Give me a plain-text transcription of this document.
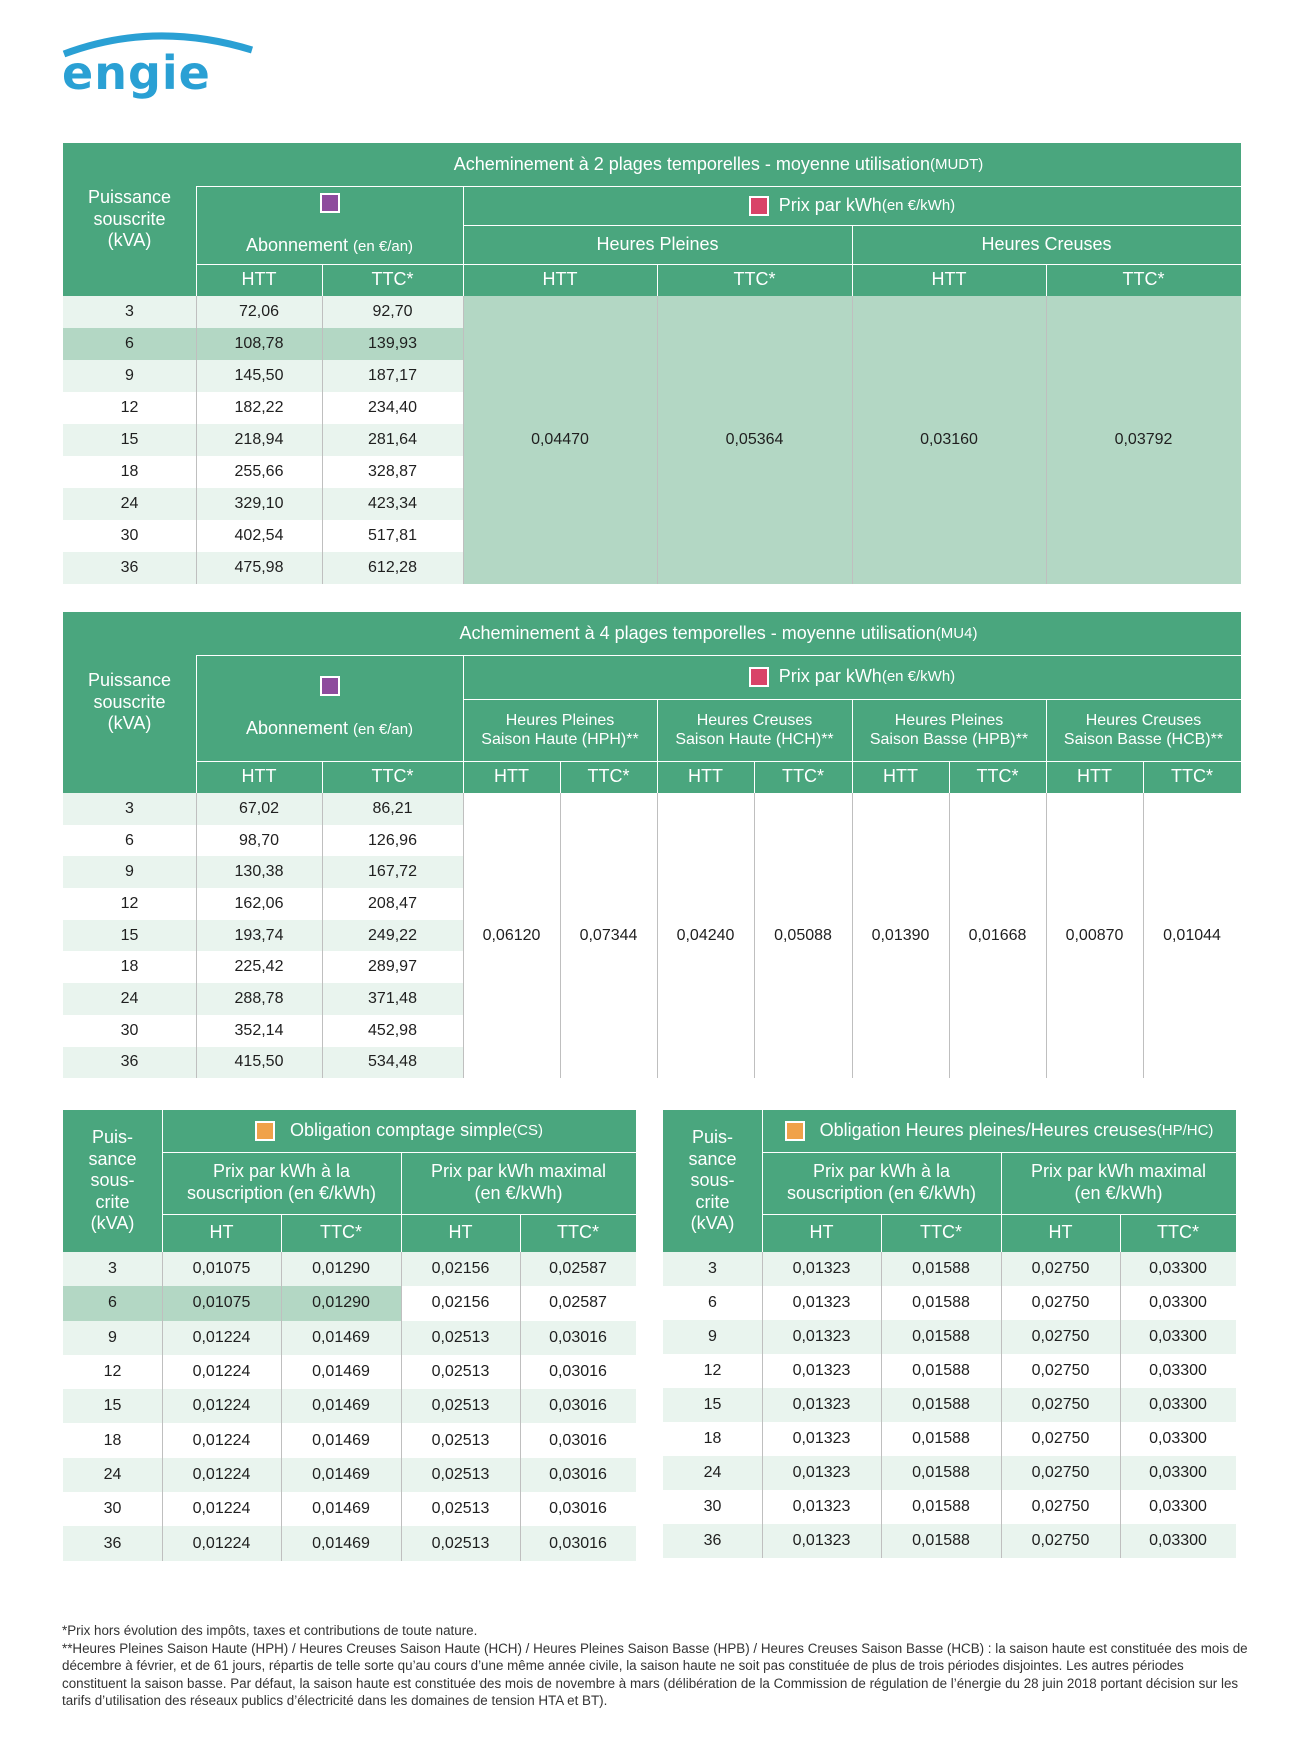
engie
Puissance
souscrite
(kVA)
Acheminement à 2 plages temporelles - moyenne utilisation (MUDT)

Abonnement (en €/an)
Prix par kWh (en €/kWh)
Heures Pleines	Heures Creuses
HTT	TTC*	HTT	TTC*	HTT	TTC*
3	72,06	92,70
6	108,78	139,93
9	145,50	187,17
12	182,22	234,40
15	218,94	281,64
18	255,66	328,87
24	329,10	423,34
30	402,54	517,81
36	475,98	612,28
0,04470	0,05364	0,03160	0,03792
Puissance
souscrite
(kVA)
Acheminement à 4 plages temporelles - moyenne utilisation (MU4)

Abonnement (en €/an)
Prix par kWh (en €/kWh)
Heures Pleines
Saison Haute (HPH)**
Heures Creuses
Saison Haute (HCH)**
Heures Pleines
Saison Basse (HPB)**
Heures Creuses
Saison Basse (HCB)**
HTT	TTC*	HTT	TTC*	HTT	TTC*	HTT	TTC*	HTT	TTC*
3	67,02	86,21
6	98,70	126,96
9	130,38	167,72
12	162,06	208,47
15	193,74	249,22
18	225,42	289,97
24	288,78	371,48
30	352,14	452,98
36	415,50	534,48
0,06120	0,07344	0,04240	0,05088	0,01390	0,01668	0,00870	0,01044
Puis-
sance
sous-
crite
(kVA)
Obligation comptage simple (CS)
Prix par kWh à la
souscription (en €/kWh)
Prix par kWh maximal
(en €/kWh)
HT	TTC*	HT	TTC*
3	0,01075	0,01290	0,02156	0,02587
6	0,01075	0,01290	0,02156	0,02587
9	0,01224	0,01469	0,02513	0,03016
12	0,01224	0,01469	0,02513	0,03016
15	0,01224	0,01469	0,02513	0,03016
18	0,01224	0,01469	0,02513	0,03016
24	0,01224	0,01469	0,02513	0,03016
30	0,01224	0,01469	0,02513	0,03016
36	0,01224	0,01469	0,02513	0,03016
Puis-
sance
sous-
crite
(kVA)
Obligation Heures pleines/Heures creuses (HP/HC)
Prix par kWh à la
souscription (en €/kWh)
Prix par kWh maximal
(en €/kWh)
HT	TTC*	HT	TTC*
3	0,01323	0,01588	0,02750	0,03300
6	0,01323	0,01588	0,02750	0,03300
9	0,01323	0,01588	0,02750	0,03300
12	0,01323	0,01588	0,02750	0,03300
15	0,01323	0,01588	0,02750	0,03300
18	0,01323	0,01588	0,02750	0,03300
24	0,01323	0,01588	0,02750	0,03300
30	0,01323	0,01588	0,02750	0,03300
36	0,01323	0,01588	0,02750	0,03300

*Prix hors évolution des impôts, taxes et contributions de toute nature.

**Heures Pleines Saison Haute (HPH) / Heures Creuses Saison Haute (HCH) / Heures Pleines Saison Basse (HPB) / Heures Creuses Saison Basse (HCB) : la saison haute est constituée des mois de décembre à février, et de 61 jours, répartis de telle sorte qu’au cours d’une même année civile, la saison haute ne soit pas constituée de plus de trois périodes disjointes. Les autres périodes constituent la saison basse. Par défaut, la saison haute est constituée des mois de novembre à mars (délibération de la Commission de régulation de l’énergie du 28 juin 2018 portant décision sur les tarifs d’utilisation des réseaux publics d’électricité dans les domaines de tension HTA et BT).
